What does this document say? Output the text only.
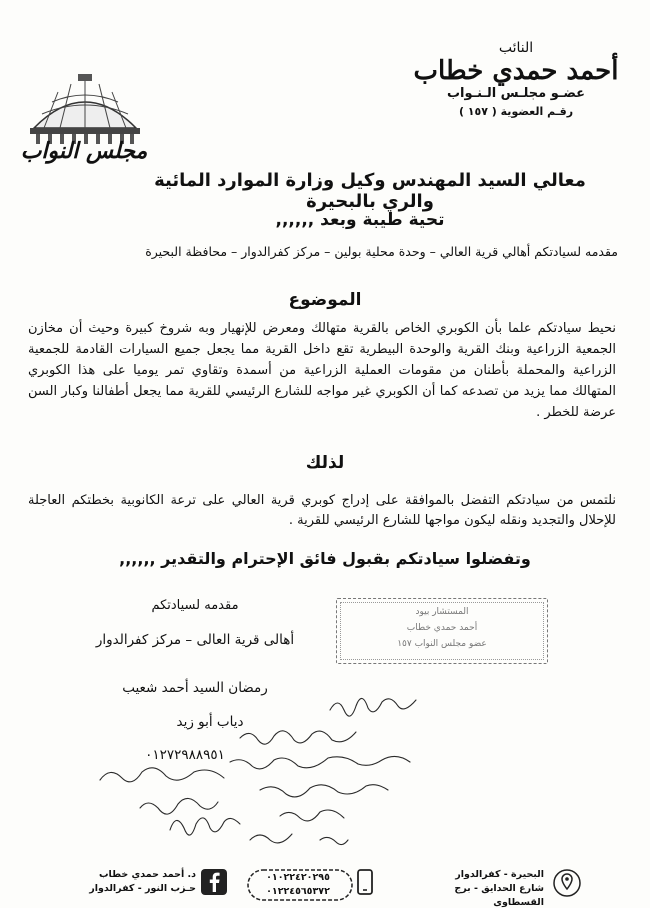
النائب
أحمد حمدي خطاب
عضـو مجلـس الـنـواب
رقـم العضوية ( ١٥٧ )
مجلس النواب
معالي السيد المهندس وكيل وزارة الموارد المائية والري بالبحيرة
تحية طيبة وبعد ,,,,,,
مقدمه لسيادتكم أهالي قرية العالي – وحدة محلية بولين – مركز كفرالدوار – محافظة البحيرة
الموضوع
نحيط سيادتكم علما بأن الكوبري الخاص بالقرية متهالك ومعرض للإنهيار وبه شروخ كبيرة وحيث أن مخازن الجمعية الزراعية وبنك القرية والوحدة البيطرية تقع داخل القرية مما يجعل جميع السيارات القادمة للجمعية الزراعية والمحملة بأطنان من مقومات العملية الزراعية من أسمدة وتقاوي تمر يوميا على هذا الكوبري المتهالك مما يزيد من تصدعه كما أن الكوبري غير مواجه للشارع الرئيسي للقرية مما يجعل أطفالنا وكبار السن عرضة للخطر .
لذلك
نلتمس من سيادتكم التفضل بالموافقة على إدراج كوبري قرية العالي على ترعة الكانوبية بخطتكم العاجلة للإحلال والتجديد ونقله ليكون مواجها للشارع الرئيسي للقرية .
وتفضلوا سيادتكم بقبول فائق الإحترام والتقدير ,,,,,,
مقدمه لسيادتكم
أهالى قرية العالى – مركز كفرالدوار
رمضان السيد أحمد شعيب
دياب أبو زيد
٠١٢٧٢٩٨٨٩٥١
المستشار بيود
أحمد حمدي خطاب
عضو مجلس النواب ١٥٧
د. أحمد حمدي خطاب
حـزب النور - كفرالدوار
٠١٠٢٢٤٢٠٢٩٥
٠١٢٢٤٥٦٥٣٧٢
البحيرة - كفرالدوار
شارع الحدايق - برج القسطاوى
